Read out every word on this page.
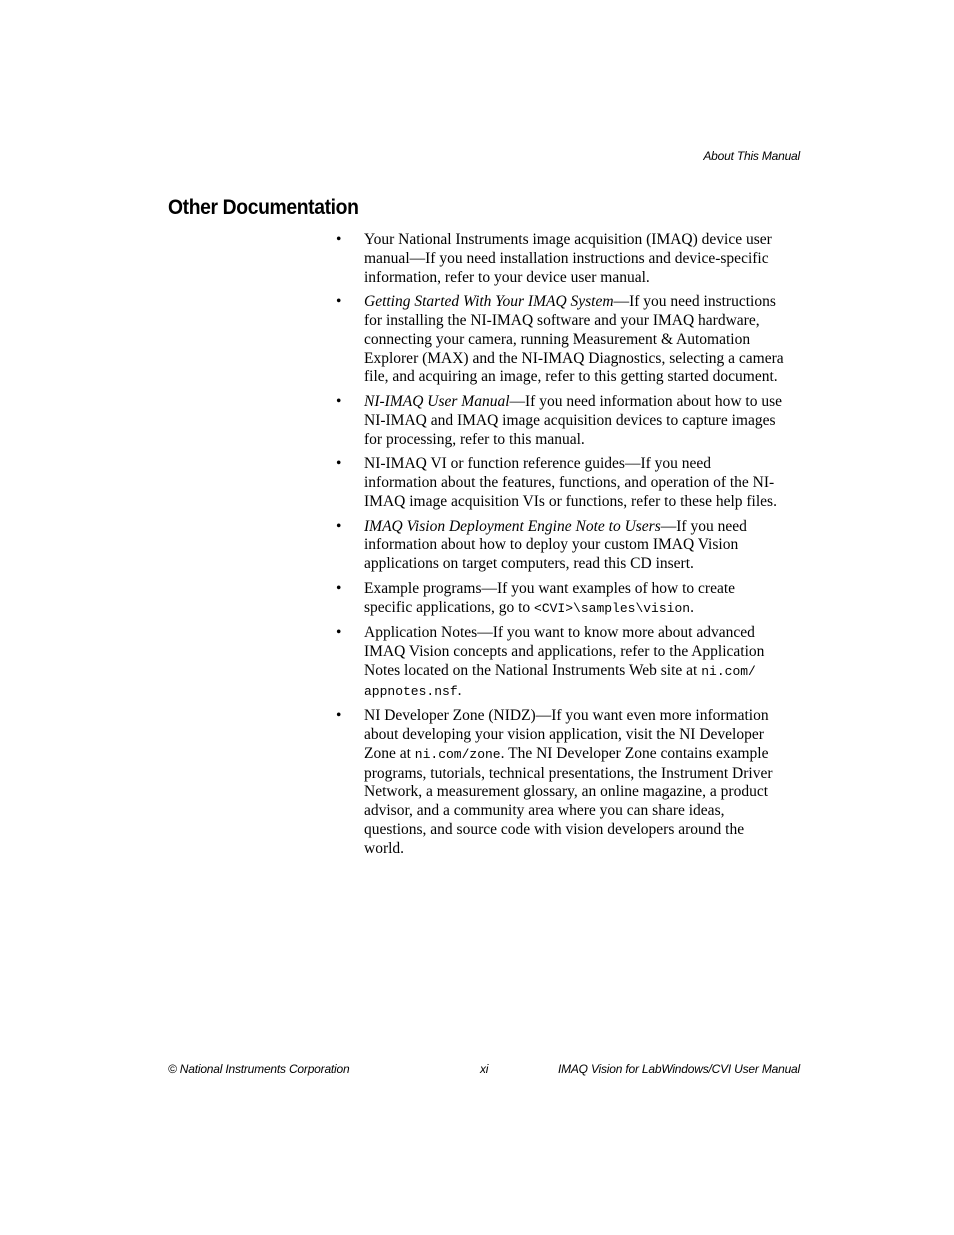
About This Manual
Other Documentation
• Your National Instruments image acquisition (IMAQ) device user manual—If you need installation instructions and device-specific information, refer to your device user manual.
• Getting Started With Your IMAQ System—If you need instructions for installing the NI-IMAQ software and your IMAQ hardware, connecting your camera, running Measurement & Automation Explorer (MAX) and the NI-IMAQ Diagnostics, selecting a camera file, and acquiring an image, refer to this getting started document.
• NI-IMAQ User Manual—If you need information about how to use NI-IMAQ and IMAQ image acquisition devices to capture images for processing, refer to this manual.
• NI-IMAQ VI or function reference guides—If you need information about the features, functions, and operation of the NI-IMAQ image acquisition VIs or functions, refer to these help files.
• IMAQ Vision Deployment Engine Note to Users—If you need information about how to deploy your custom IMAQ Vision applications on target computers, read this CD insert.
• Example programs—If you want examples of how to create specific applications, go to <CVI>\samples\vision.
• Application Notes—If you want to know more about advanced IMAQ Vision concepts and applications, refer to the Application Notes located on the National Instruments Web site at ni.com/ appnotes.nsf.
• NI Developer Zone (NIDZ)—If you want even more information about developing your vision application, visit the NI Developer Zone at ni.com/zone. The NI Developer Zone contains example programs, tutorials, technical presentations, the Instrument Driver Network, a measurement glossary, an online magazine, a product advisor, and a community area where you can share ideas, questions, and source code with vision developers around the world.
© National Instruments Corporation	xi	IMAQ Vision for LabWindows/CVI User Manual
